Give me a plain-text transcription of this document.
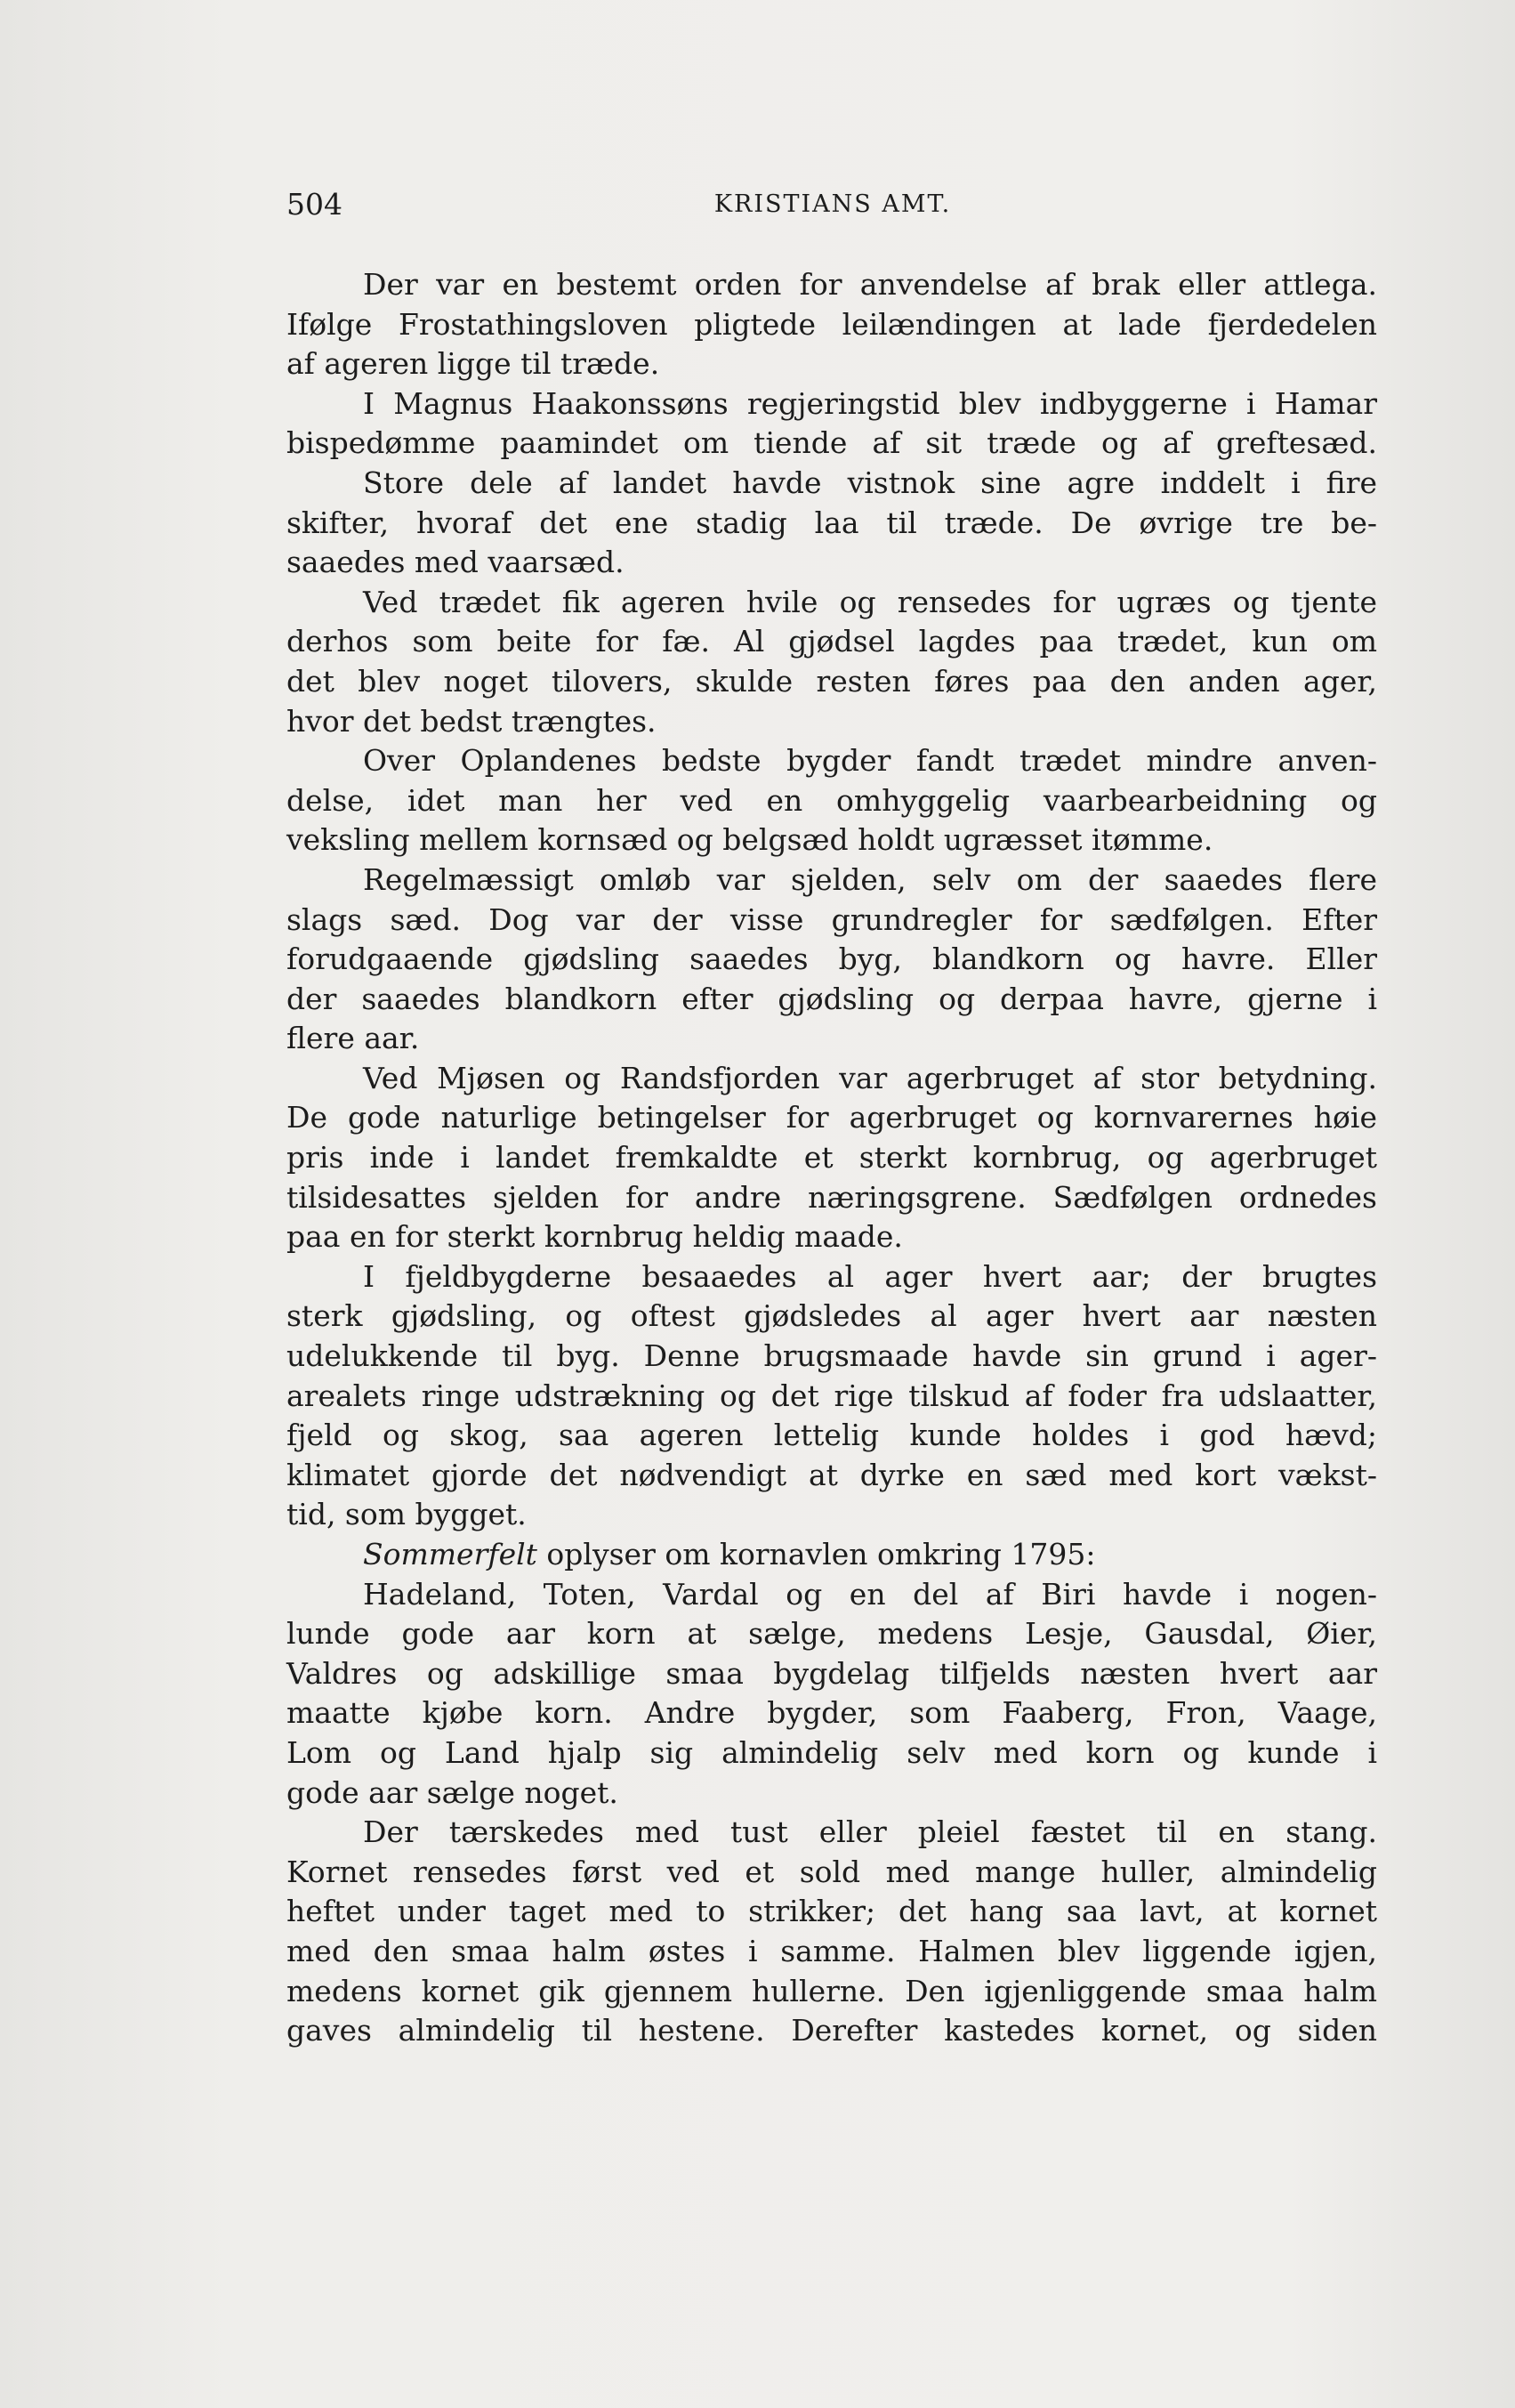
504	KRISTIANS AMT.
Der var en bestemt orden for anvendelse af brak eller attlega.
Ifølge Frostathingsloven pligtede leilændingen at lade fjerdedelen
af ageren ligge til træde.
I Magnus Haakonssøns regjeringstid blev indbyggerne i Hamar
bispedømme paamindet om tiende af sit træde og af greftesæd.
Store dele af landet havde vistnok sine agre inddelt i fire
skifter, hvoraf det ene stadig laa til træde. De øvrige tre be-
saaedes med vaarsæd.
Ved trædet fik ageren hvile og rensedes for ugræs og tjente
derhos som beite for fæ. Al gjødsel lagdes paa trædet, kun om
det blev noget tilovers, skulde resten føres paa den anden ager,
hvor det bedst trængtes.
Over Oplandenes bedste bygder fandt trædet mindre anven-
delse, idet man her ved en omhyggelig vaarbearbeidning og
veksling mellem kornsæd og belgsæd holdt ugræsset itømme.
Regelmæssigt omløb var sjelden, selv om der saaedes flere
slags sæd. Dog var der visse grundregler for sædfølgen. Efter
forudgaaende gjødsling saaedes byg, blandkorn og havre. Eller
der saaedes blandkorn efter gjødsling og derpaa havre, gjerne i
flere aar.
Ved Mjøsen og Randsfjorden var agerbruget af stor betydning.
De gode naturlige betingelser for agerbruget og kornvarernes høie
pris inde i landet fremkaldte et sterkt kornbrug, og agerbruget
tilsidesattes sjelden for andre næringsgrene. Sædfølgen ordnedes
paa en for sterkt kornbrug heldig maade.
I fjeldbygderne besaaedes al ager hvert aar; der brugtes
sterk gjødsling, og oftest gjødsledes al ager hvert aar næsten
udelukkende til byg. Denne brugsmaade havde sin grund i ager-
arealets ringe udstrækning og det rige tilskud af foder fra udslaatter,
fjeld og skog, saa ageren lettelig kunde holdes i god hævd;
klimatet gjorde det nødvendigt at dyrke en sæd med kort vækst-
tid, som bygget.
Sommerfelt oplyser om kornavlen omkring 1795:
Hadeland, Toten, Vardal og en del af Biri havde i nogen-
lunde gode aar korn at sælge, medens Lesje, Gausdal, Øier,
Valdres og adskillige smaa bygdelag tilfjelds næsten hvert aar
maatte kjøbe korn. Andre bygder, som Faaberg, Fron, Vaage,
Lom og Land hjalp sig almindelig selv med korn og kunde i
gode aar sælge noget.
Der tærskedes med tust eller pleiel fæstet til en stang.
Kornet rensedes først ved et sold med mange huller, almindelig
heftet under taget med to strikker; det hang saa lavt, at kornet
med den smaa halm østes i samme. Halmen blev liggende igjen,
medens kornet gik gjennem hullerne. Den igjenliggende smaa halm
gaves almindelig til hestene. Derefter kastedes kornet, og siden
